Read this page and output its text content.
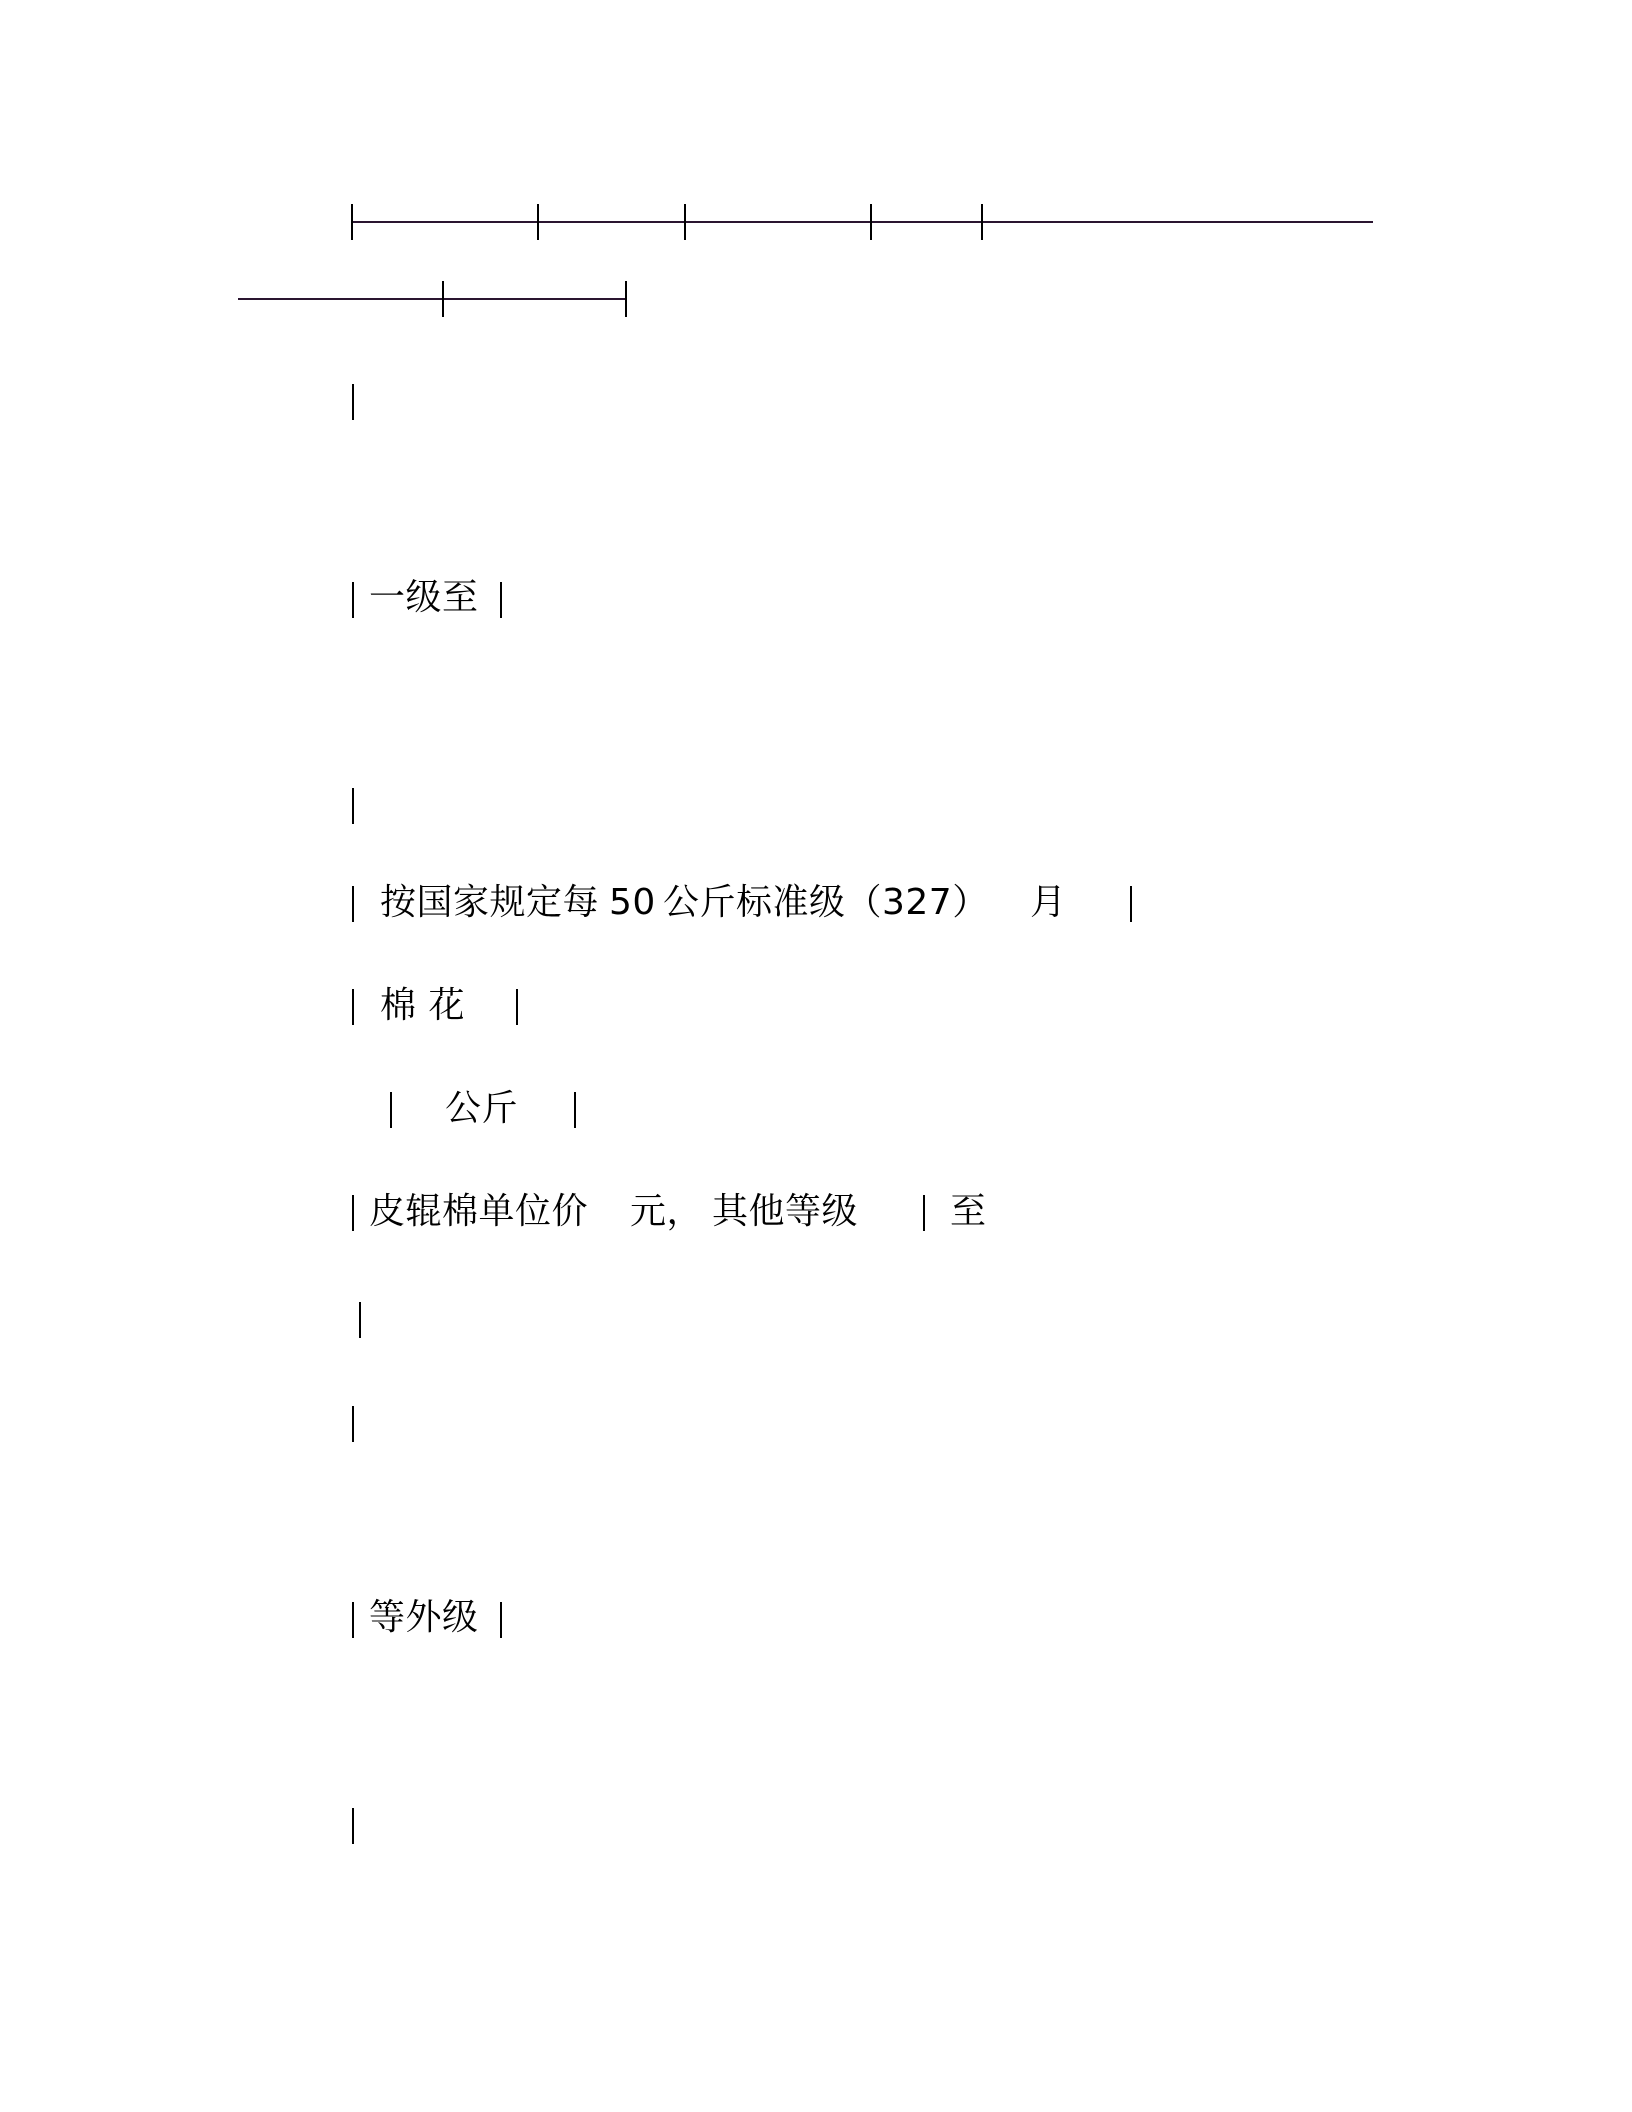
一级至
按国家规定每 50 公斤标准级（327） 月
棉 花
公斤
皮辊棉单位价 元， 其他等级	至
等外级
